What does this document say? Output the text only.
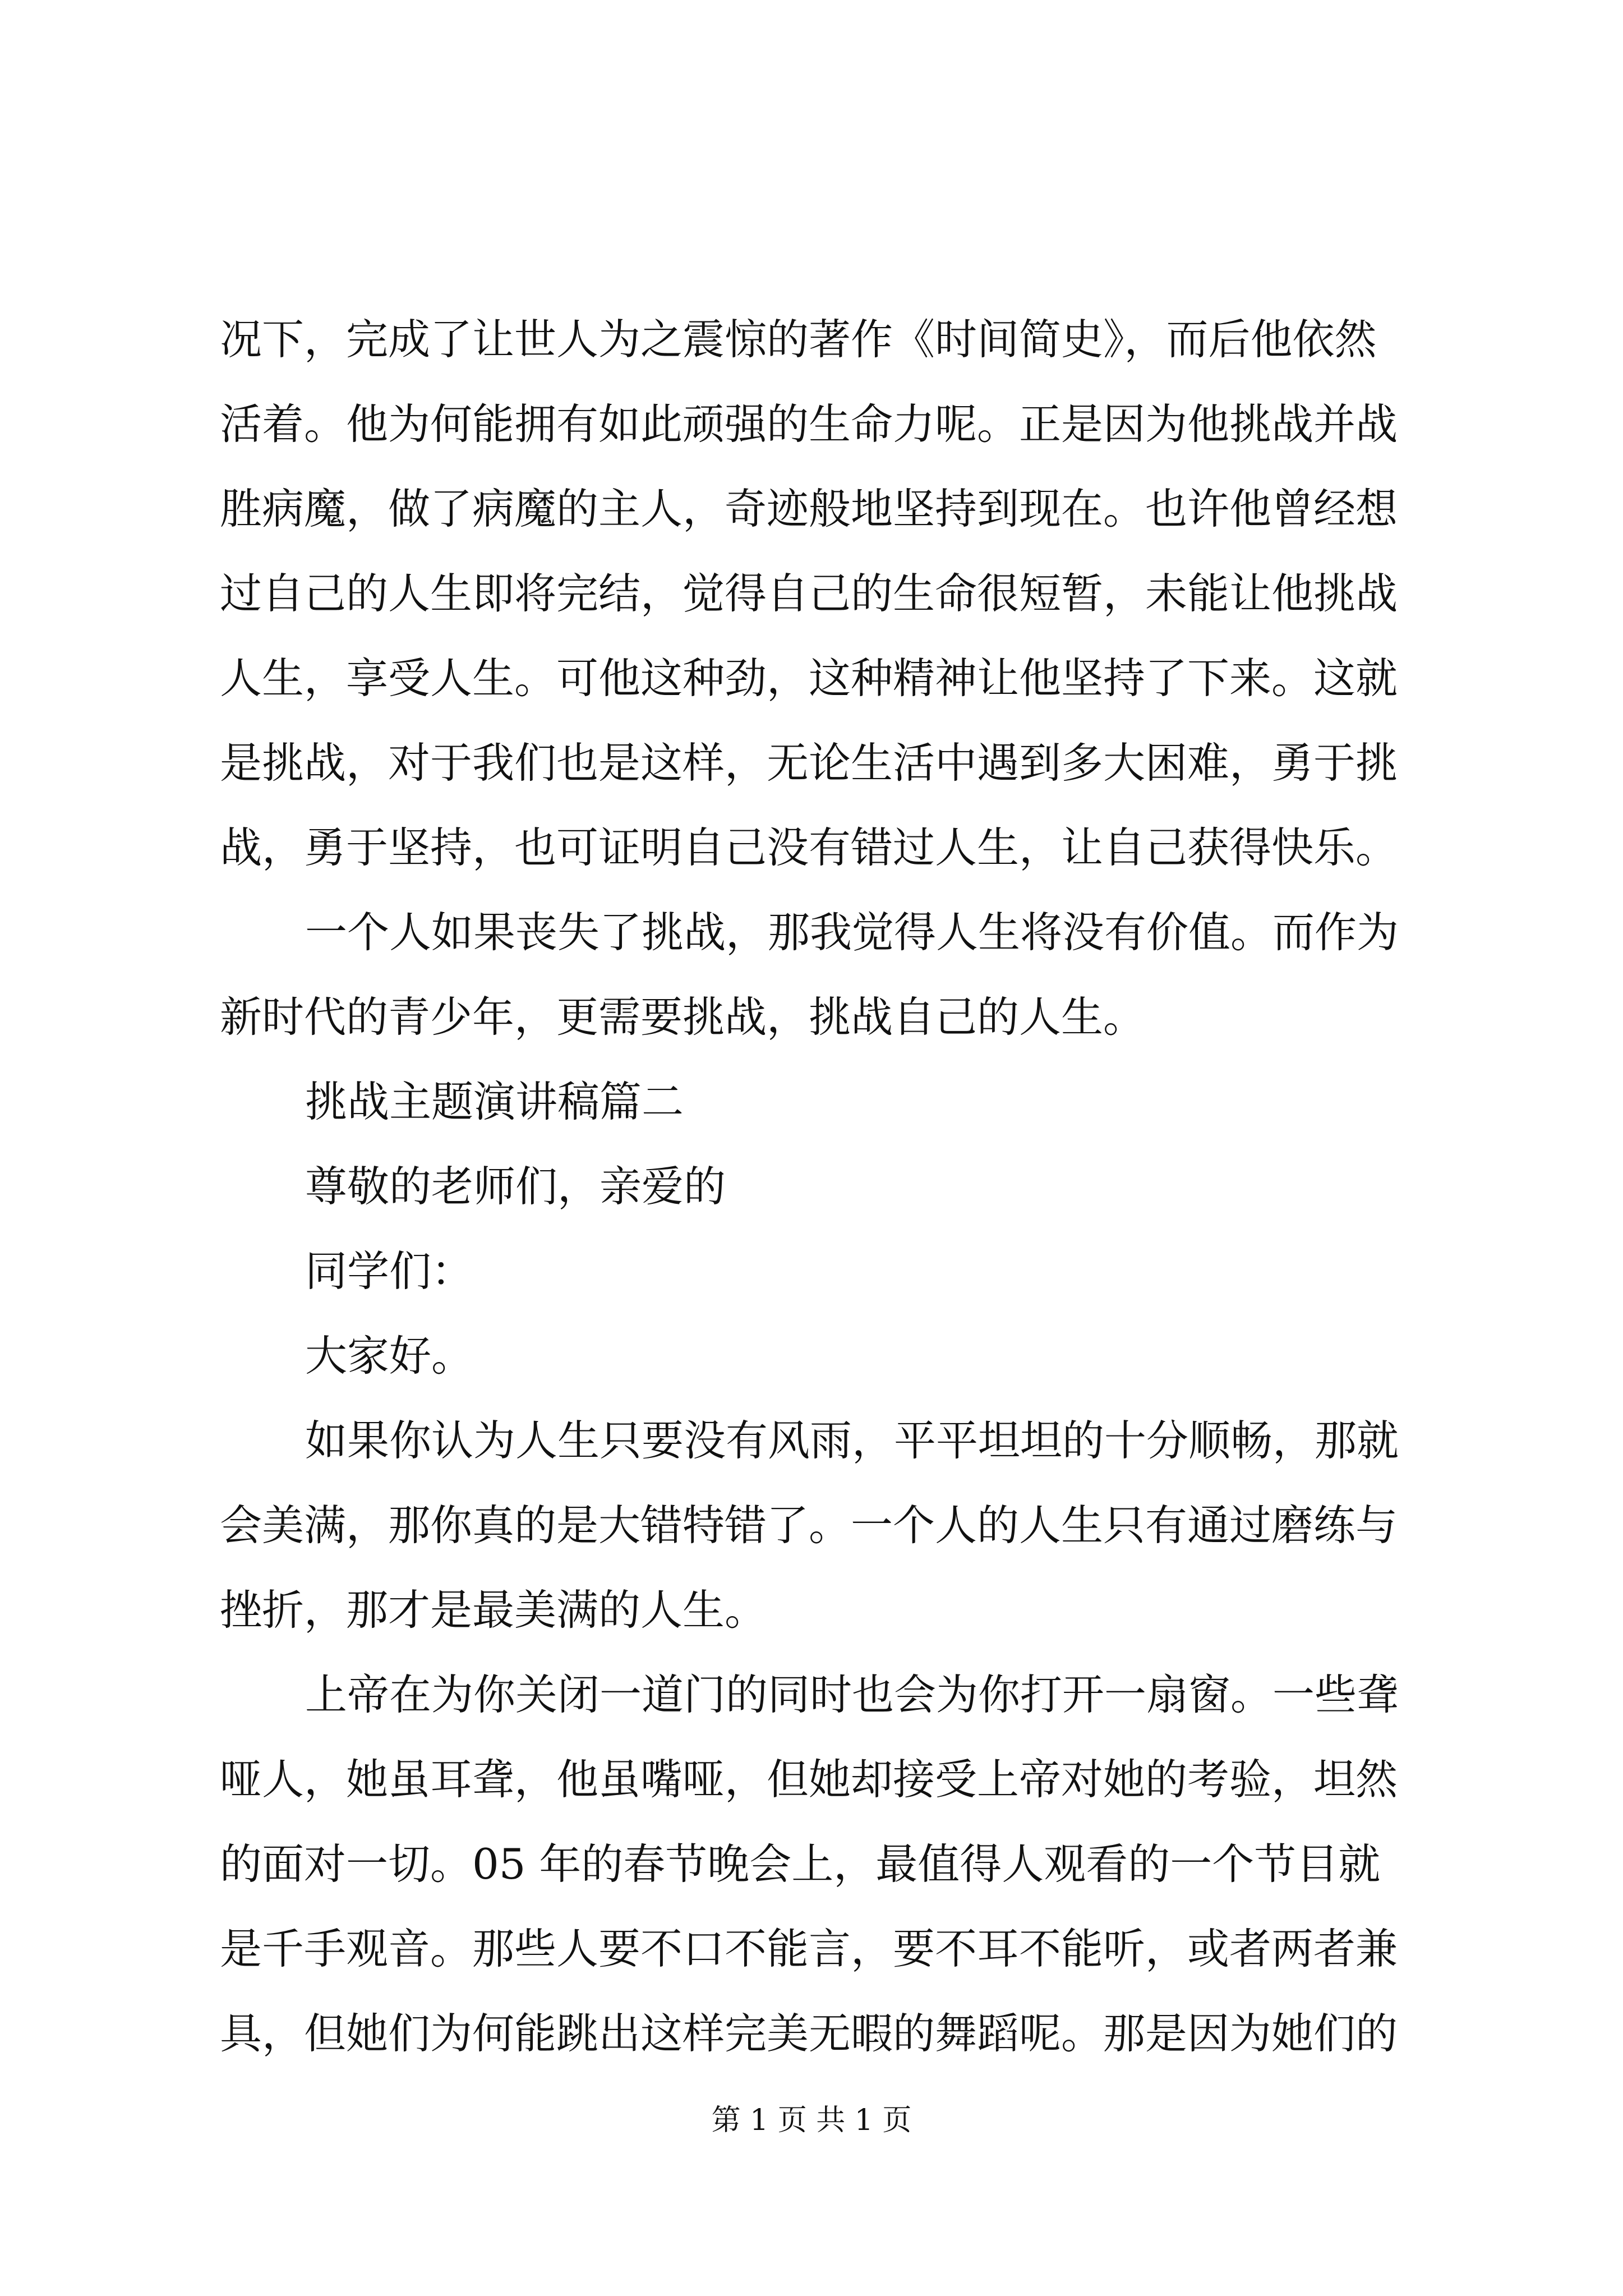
况下，完成了让世人为之震惊的著作《时间简史》，而后他依然
活着。他为何能拥有如此顽强的生命力呢。正是因为他挑战并战
胜病魔，做了病魔的主人，奇迹般地坚持到现在。也许他曾经想
过自己的人生即将完结，觉得自己的生命很短暂，未能让他挑战
人生，享受人生。可他这种劲，这种精神让他坚持了下来。这就
是挑战，对于我们也是这样，无论生活中遇到多大困难，勇于挑
战，勇于坚持，也可证明自己没有错过人生，让自己获得快乐。
一个人如果丧失了挑战，那我觉得人生将没有价值。而作为
新时代的青少年，更需要挑战，挑战自己的人生。
挑战主题演讲稿篇二
尊敬的老师们，亲爱的
同学们：
大家好。
如果你认为人生只要没有风雨，平平坦坦的十分顺畅，那就
会美满，那你真的是大错特错了。一个人的人生只有通过磨练与
挫折，那才是最美满的人生。
上帝在为你关闭一道门的同时也会为你打开一扇窗。一些聋
哑人，她虽耳聋，他虽嘴哑，但她却接受上帝对她的考验，坦然
的面对一切。05 年的春节晚会上，最值得人观看的一个节目就
是千手观音。那些人要不口不能言，要不耳不能听，或者两者兼
具，但她们为何能跳出这样完美无暇的舞蹈呢。那是因为她们的
第 1 页 共 1 页
